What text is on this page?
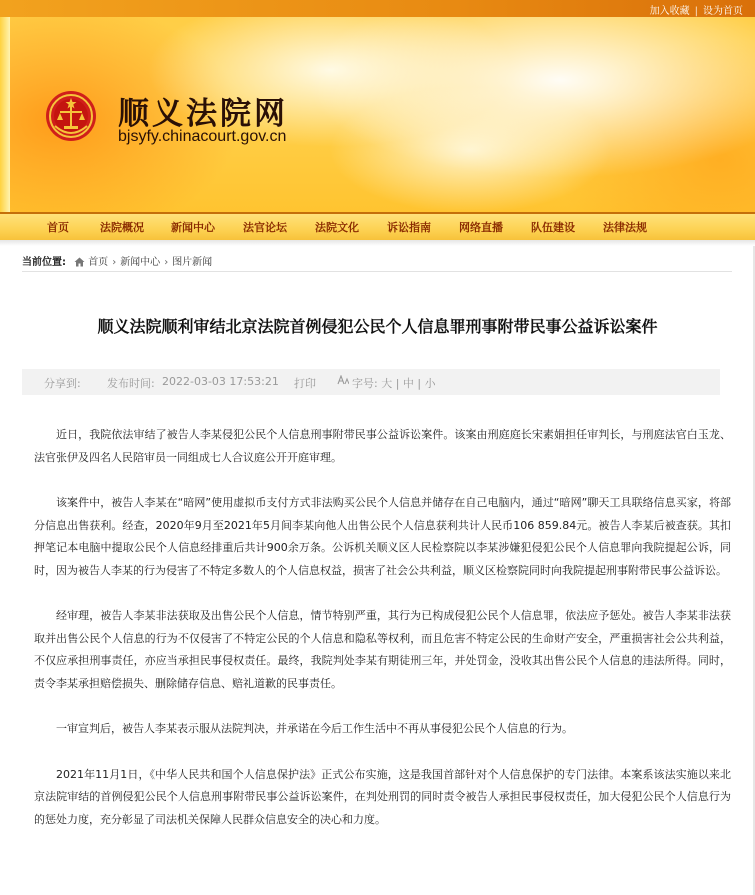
加入收藏 | 设为首页
顺义法院网
bjsyfy.chinacourt.gov.cn
首页	法院概况 新闻中心	法官论坛	法院文化	诉讼指南	网络直播	队伍建设	法律法规
当前位置: 首页 › 新闻中心 › 图片新闻
顺义法院顺利审结北京法院首例侵犯公民个人信息罪刑事附带民事公益诉讼案件
分享到: 发布时间: 2022-03-03 17:53:21 打印	字号: 大 | 中 | 小

近日，我院依法审结了被告人李某侵犯公民个人信息刑事附带民事公益诉讼案件。该案由刑庭庭长宋素娟担任审判长，与刑庭法官白玉龙、法官张伊及四名人民陪审员一同组成七人合议庭公开开庭审理。

该案件中，被告人李某在“暗网”使用虚拟币支付方式非法购买公民个人信息并储存在自己电脑内，通过“暗网”聊天工具联络信息买家，将部分信息出售获利。经查，2020年9月至2021年5月间李某向他人出售公民个人信息获利共计人民币106 859.84元。被告人李某后被查获。其扣押笔记本电脑中提取公民个人信息经排重后共计900余万条。公诉机关顺义区人民检察院以李某涉嫌犯侵犯公民个人信息罪向我院提起公诉，同时，因为被告人李某的行为侵害了不特定多数人的个人信息权益，损害了社会公共利益，顺义区检察院同时向我院提起刑事附带民事公益诉讼。

经审理，被告人李某非法获取及出售公民个人信息，情节特别严重，其行为已构成侵犯公民个人信息罪，依法应予惩处。被告人李某非法获取并出售公民个人信息的行为不仅侵害了不特定公民的个人信息和隐私等权利，而且危害不特定公民的生命财产安全，严重损害社会公共利益，不仅应承担刑事责任，亦应当承担民事侵权责任。最终，我院判处李某有期徒刑三年，并处罚金，没收其出售公民个人信息的违法所得。同时，责令李某承担赔偿损失、删除储存信息、赔礼道歉的民事责任。

一审宣判后，被告人李某表示服从法院判决，并承诺在今后工作生活中不再从事侵犯公民个人信息的行为。

2021年11月1日，《中华人民共和国个人信息保护法》正式公布实施，这是我国首部针对个人信息保护的专门法律。本案系该法实施以来北京法院审结的首例侵犯公民个人信息刑事附带民事公益诉讼案件，在判处刑罚的同时责令被告人承担民事侵权责任，加大侵犯公民个人信息行为的惩处力度，充分彰显了司法机关保障人民群众信息安全的决心和力度。
